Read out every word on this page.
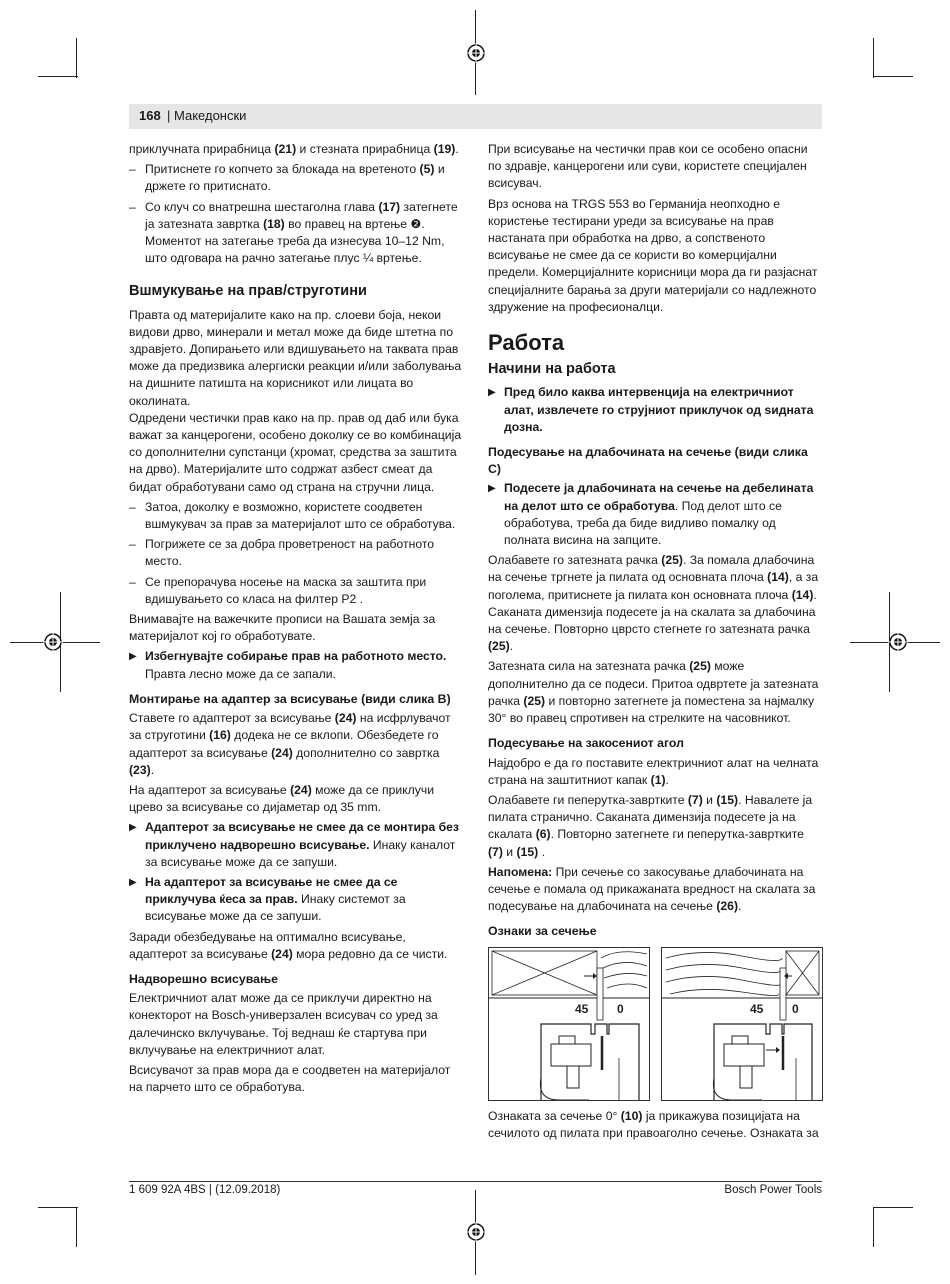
168 | Македонски

приклучната прирабница (21) и стезната прирабница (19).

– Притиснете го копчето за блокада на вретеното (5) и држете го притиснато.
– Со клуч со внатрешна шестаголна глава (17) затегнете ја затезната завртка (18) во правец на вртење ❷. Моментот на затегање треба да изнесува 10–12 Nm, што одговара на рачно затегање плус ¼ вртење.
Вшмукување на прав/струготини

Правта од материјалите како на пр. слоеви боја, некои видови дрво, минерали и метал може да биде штетна по здравјето. Допирањето или вдишувањето на таквата прав може да предизвика алергиски реакции и/или заболувања на дишните патишта на корисникот или лицата во околината.

Одредени честички прав како на пр. прав од даб или бука важат за канцерогени, особено доколку се во комбинација со дополнителни супстанци (хромат, средства за заштита на дрво). Материјалите што содржат азбест смеат да бидат обработувани само од страна на стручни лица.

– Затоа, доколку е возможно, користете соодветен вшмукувач за прав за материјалот што се обработува.
– Погрижете се за добра проветреност на работното место.
– Се препорачува носење на маска за заштита при вдишувањето со класа на филтер P2 .

Внимавајте на важечките прописи на Вашата земја за материјалот кој го обработувате.

▶ Избегнувајте собирање прав на работното место. Правта лесно може да се запали.
Монтирање на адаптер за всисување (види слика B)

Ставете го адаптерот за всисување (24) на исфрлувачот за струготини (16) додека не се вклопи. Обезбедете го адаптерот за всисување (24) дополнително со завртка (23).

На адаптерот за всисување (24) може да се приклучи црево за всисување со дијаметар од 35 mm.

▶ Адаптерот за всисување не смее да се монтира без приклучено надворешно всисување. Инаку каналот за всисување може да се запуши.
▶ На адаптерот за всисување не смее да се приклучува ќеса за прав. Инаку системот за всисување може да се запуши.

Заради обезбедување на оптимално всисување, адаптерот за всисување (24) мора редовно да се чисти.

Надворешно всисување

Електричниот алат може да се приклучи директно на конекторот на Bosch-универзален всисувач со уред за далечинско вклучување. Тој веднаш ќе стартува при вклучување на електричниот алат.

Всисувачот за прав мора да е соодветен на материјалот на парчето што се обработува.

При всисување на честички прав кои се особено опасни по здравје, канцерогени или суви, користете специјален всисувач.

Врз основа на TRGS 553 во Германија неопходно е користење тестирани уреди за всисување на прав настаната при обработка на дрво, а сопственото всисување не смее да се користи во комерцијални предели. Комерцијалните корисници мора да ги разјаснат специјалните барања за други материјали со надлежното здружение на професионалци.

Работа
Начини на работа
▶ Пред било каква интервенција на електричниот алат, извлечете го струјниот приклучок од ѕидната дозна.
Подесување на длабочината на сечење (види слика C)
▶ Подесете ја длабочината на сечење на дебелината на делот што се обработува. Под делот што се обработува, треба да биде видливо помалку од полната висина на запците.

Олабавете го затезната рачка (25). За помала длабочина на сечење тргнете ја пилата од основната плоча (14), а за поголема, притиснете ја пилата кон основната плоча (14). Саканата димензија подесете ја на скалата за длабочина на сечење. Повторно цврсто стегнете го затезната рачка (25).

Затезната сила на затезната рачка (25) може дополнително да се подеси. Притоа одвртете ја затезната рачка (25) и повторно затегнете ја поместена за најмалку 30° во правец спротивен на стрелките на часовникот.

Подесување на закосениот агол

Најдобро е да го поставите електричниот алат на челната страна на заштитниот капак (1).

Олабавете ги пеперутка-завртките (7) и (15). Навалете ја пилата странично. Саканата димензија подесете ја на скалата (6). Повторно затегнете ги пеперутка-завртките (7) и (15) .

Напомена: При сечење со закосување длабочината на сечење е помала од прикажаната вредност на скалата за подесување на длабочината на сечење (26).

Ознаки за сечење
45 0	45 0

Ознаката за сечење 0° (10) ја прикажува позицијата на сечилото од пилата при правоаголно сечење. Ознаката за

1 609 92A 4BS | (12.09.2018)	Bosch Power Tools
